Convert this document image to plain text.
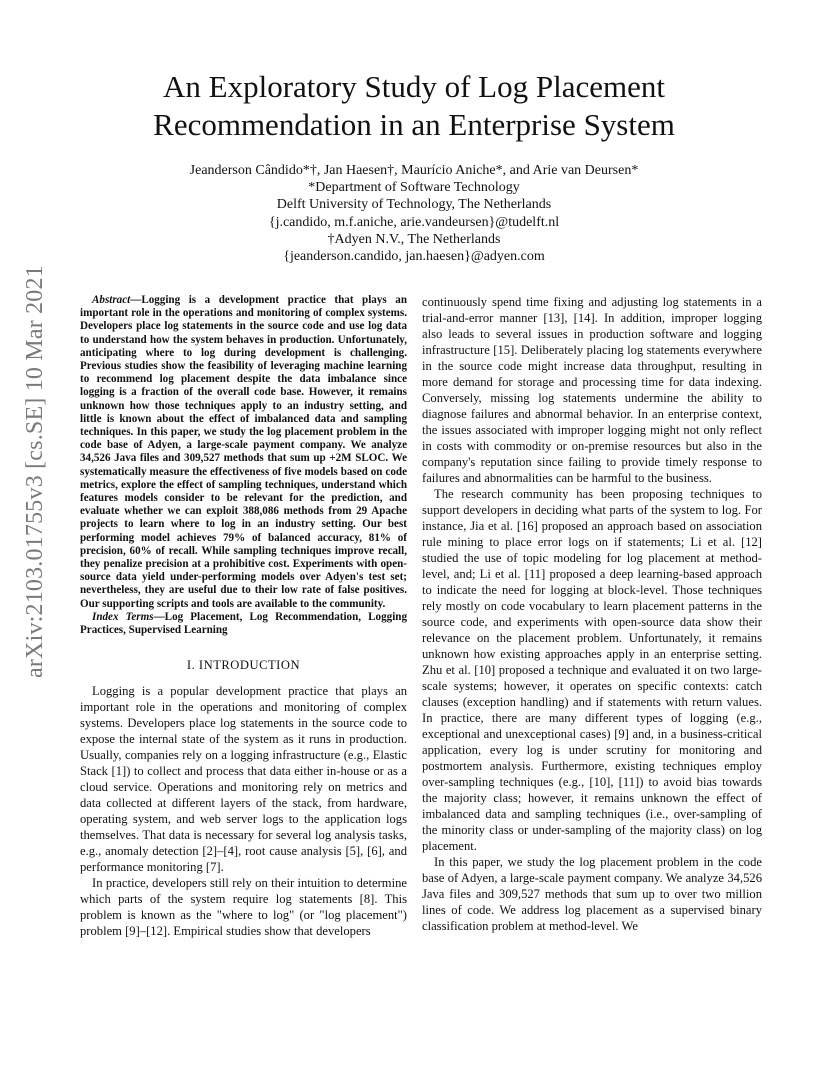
An Exploratory Study of Log Placement
Recommendation in an Enterprise System
Jeanderson Cândido*†, Jan Haesen†, Maurício Aniche*, and Arie van Deursen*
*Department of Software Technology
Delft University of Technology, The Netherlands
{j.candido, m.f.aniche, arie.vandeursen}@tudelft.nl
†Adyen N.V., The Netherlands
{jeanderson.candido, jan.haesen}@adyen.com
arXiv:2103.01755v3 [cs.SE] 10 Mar 2021	Abstract—Logging is a development practice that plays an important role in the operations and monitoring of complex systems. Developers place log statements in the source code and use log data to understand how the system behaves in production. Unfortunately, anticipating where to log during development is challenging. Previous studies show the feasibility of leveraging machine learning to recommend log placement despite the data imbalance since logging is a fraction of the overall code base. However, it remains unknown how those techniques apply to an industry setting, and little is known about the effect of imbalanced data and sampling techniques. In this paper, we study the log placement problem in the code base of Adyen, a large-scale payment company. We analyze 34,526 Java files and 309,527 methods that sum up +2M SLOC. We systematically measure the effectiveness of five models based on code metrics, explore the effect of sampling techniques, understand which features models consider to be relevant for the prediction, and evaluate whether we can exploit 388,086 methods from 29 Apache projects to learn where to log in an industry setting. Our best performing model achieves 79% of balanced accuracy, 81% of precision, 60% of recall. While sampling techniques improve recall, they penalize precision at a prohibitive cost. Experiments with open-source data yield under-performing models over Adyen's test set; nevertheless, they are useful due to their low rate of false positives. Our supporting scripts and tools are available to the community.

Index Terms—Log Placement, Log Recommendation, Logging Practices, Supervised Learning

I. INTRODUCTION

Logging is a popular development practice that plays an important role in the operations and monitoring of complex systems. Developers place log statements in the source code to expose the internal state of the system as it runs in production. Usually, companies rely on a logging infrastructure (e.g., Elastic Stack [1]) to collect and process that data either in-house or as a cloud service. Operations and monitoring rely on metrics and data collected at different layers of the stack, from hardware, operating system, and web server logs to the application logs themselves. That data is necessary for several log analysis tasks, e.g., anomaly detection [2]–[4], root cause analysis [5], [6], and performance monitoring [7].

In practice, developers still rely on their intuition to determine which parts of the system require log statements [8]. This problem is known as the "where to log" (or "log placement") problem [9]–[12]. Empirical studies show that developers

continuously spend time fixing and adjusting log statements in a trial-and-error manner [13], [14]. In addition, improper logging also leads to several issues in production software and logging infrastructure [15]. Deliberately placing log statements everywhere in the source code might increase data throughput, resulting in more demand for storage and processing time for data indexing. Conversely, missing log statements undermine the ability to diagnose failures and abnormal behavior. In an enterprise context, the issues associated with improper logging might not only reflect in costs with commodity or on-premise resources but also in the company's reputation since failing to provide timely response to failures and abnormalities can be harmful to the business.

The research community has been proposing techniques to support developers in deciding what parts of the system to log. For instance, Jia et al. [16] proposed an approach based on association rule mining to place error logs on if statements; Li et al. [12] studied the use of topic modeling for log placement at method-level, and; Li et al. [11] proposed a deep learning-based approach to indicate the need for logging at block-level. Those techniques rely mostly on code vocabulary to learn placement patterns in the source code, and experiments with open-source data show their relevance on the placement problem. Unfortunately, it remains unknown how existing approaches apply in an enterprise setting. Zhu et al. [10] proposed a technique and evaluated it on two large-scale systems; however, it operates on specific contexts: catch clauses (exception handling) and if statements with return values. In practice, there are many different types of logging (e.g., exceptional and unexceptional cases) [9] and, in a business-critical application, every log is under scrutiny for monitoring and postmortem analysis. Furthermore, existing techniques employ over-sampling techniques (e.g., [10], [11]) to avoid bias towards the majority class; however, it remains unknown the effect of imbalanced data and sampling techniques (i.e., over-sampling of the minority class or under-sampling of the majority class) on log placement.

In this paper, we study the log placement problem in the code base of Adyen, a large-scale payment company. We analyze 34,526 Java files and 309,527 methods that sum up to over two million lines of code. We address log placement as a supervised binary classification problem at method-level. We
